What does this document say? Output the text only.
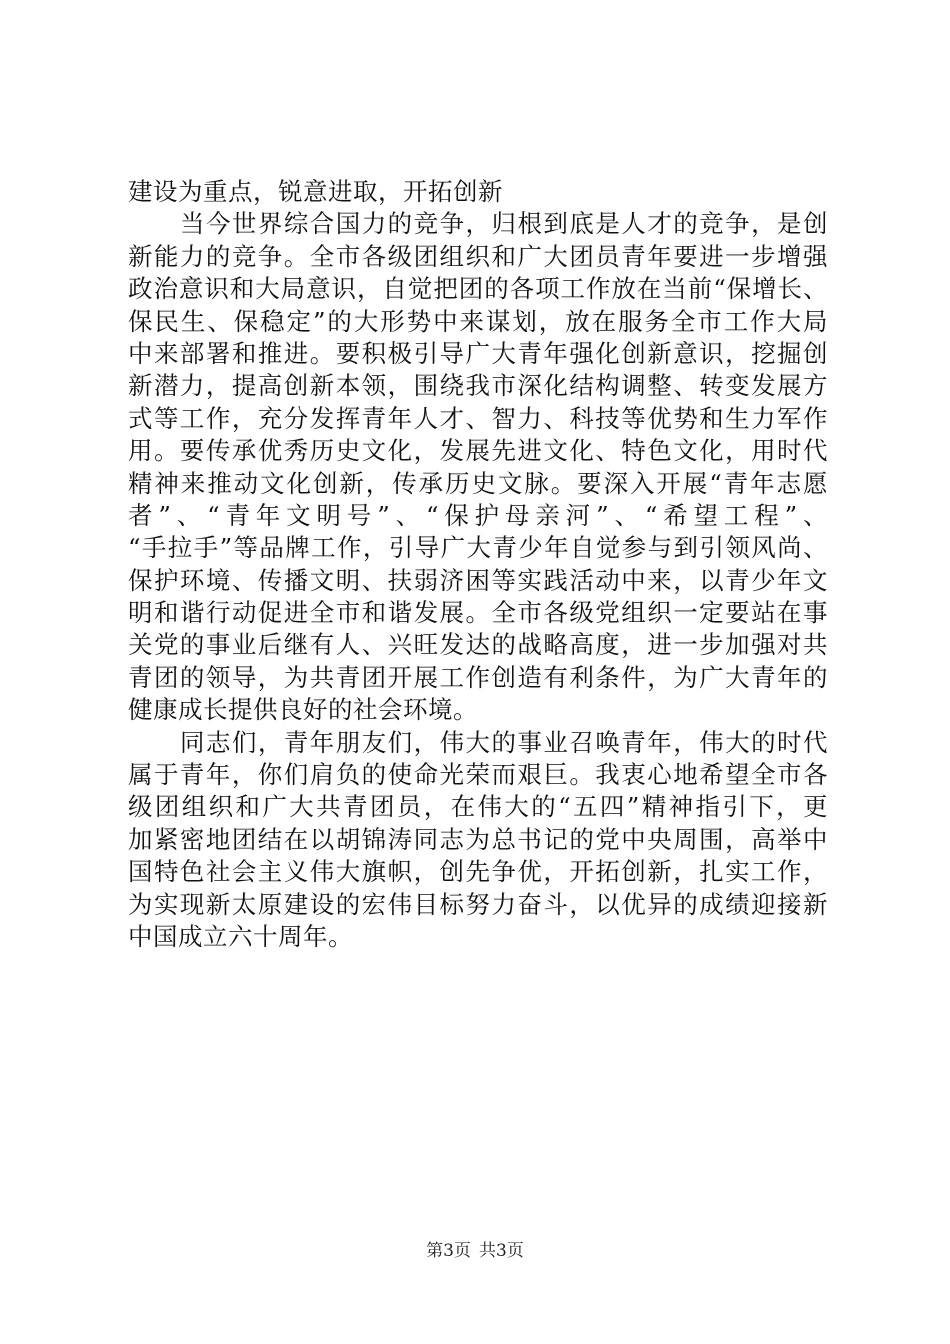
建设为重点，锐意进取，开拓创新
当今世界综合国力的竞争，归根到底是人才的竞争，是创
新能力的竞争。全市各级团组织和广大团员青年要进一步增强
政治意识和大局意识，自觉把团的各项工作放在当前“保增长、
保民生、保稳定”的大形势中来谋划，放在服务全市工作大局
中来部署和推进。要积极引导广大青年强化创新意识，挖掘创
新潜力，提高创新本领，围绕我市深化结构调整、转变发展方
式等工作，充分发挥青年人才、智力、科技等优势和生力军作
用。要传承优秀历史文化，发展先进文化、特色文化，用时代
精神来推动文化创新，传承历史文脉。要深入开展“青年志愿
者”、“青年文明号”、“保护母亲河”、“希望工程”、
“手拉手”等品牌工作，引导广大青少年自觉参与到引领风尚、
保护环境、传播文明、扶弱济困等实践活动中来，以青少年文
明和谐行动促进全市和谐发展。全市各级党组织一定要站在事
关党的事业后继有人、兴旺发达的战略高度，进一步加强对共
青团的领导，为共青团开展工作创造有利条件，为广大青年的
健康成长提供良好的社会环境。
同志们，青年朋友们，伟大的事业召唤青年，伟大的时代
属于青年，你们肩负的使命光荣而艰巨。我衷心地希望全市各
级团组织和广大共青团员，在伟大的“五四”精神指引下，更
加紧密地团结在以胡锦涛同志为总书记的党中央周围，高举中
国特色社会主义伟大旗帜，创先争优，开拓创新，扎实工作，
为实现新太原建设的宏伟目标努力奋斗，以优异的成绩迎接新
中国成立六十周年。
第3页 共3页
